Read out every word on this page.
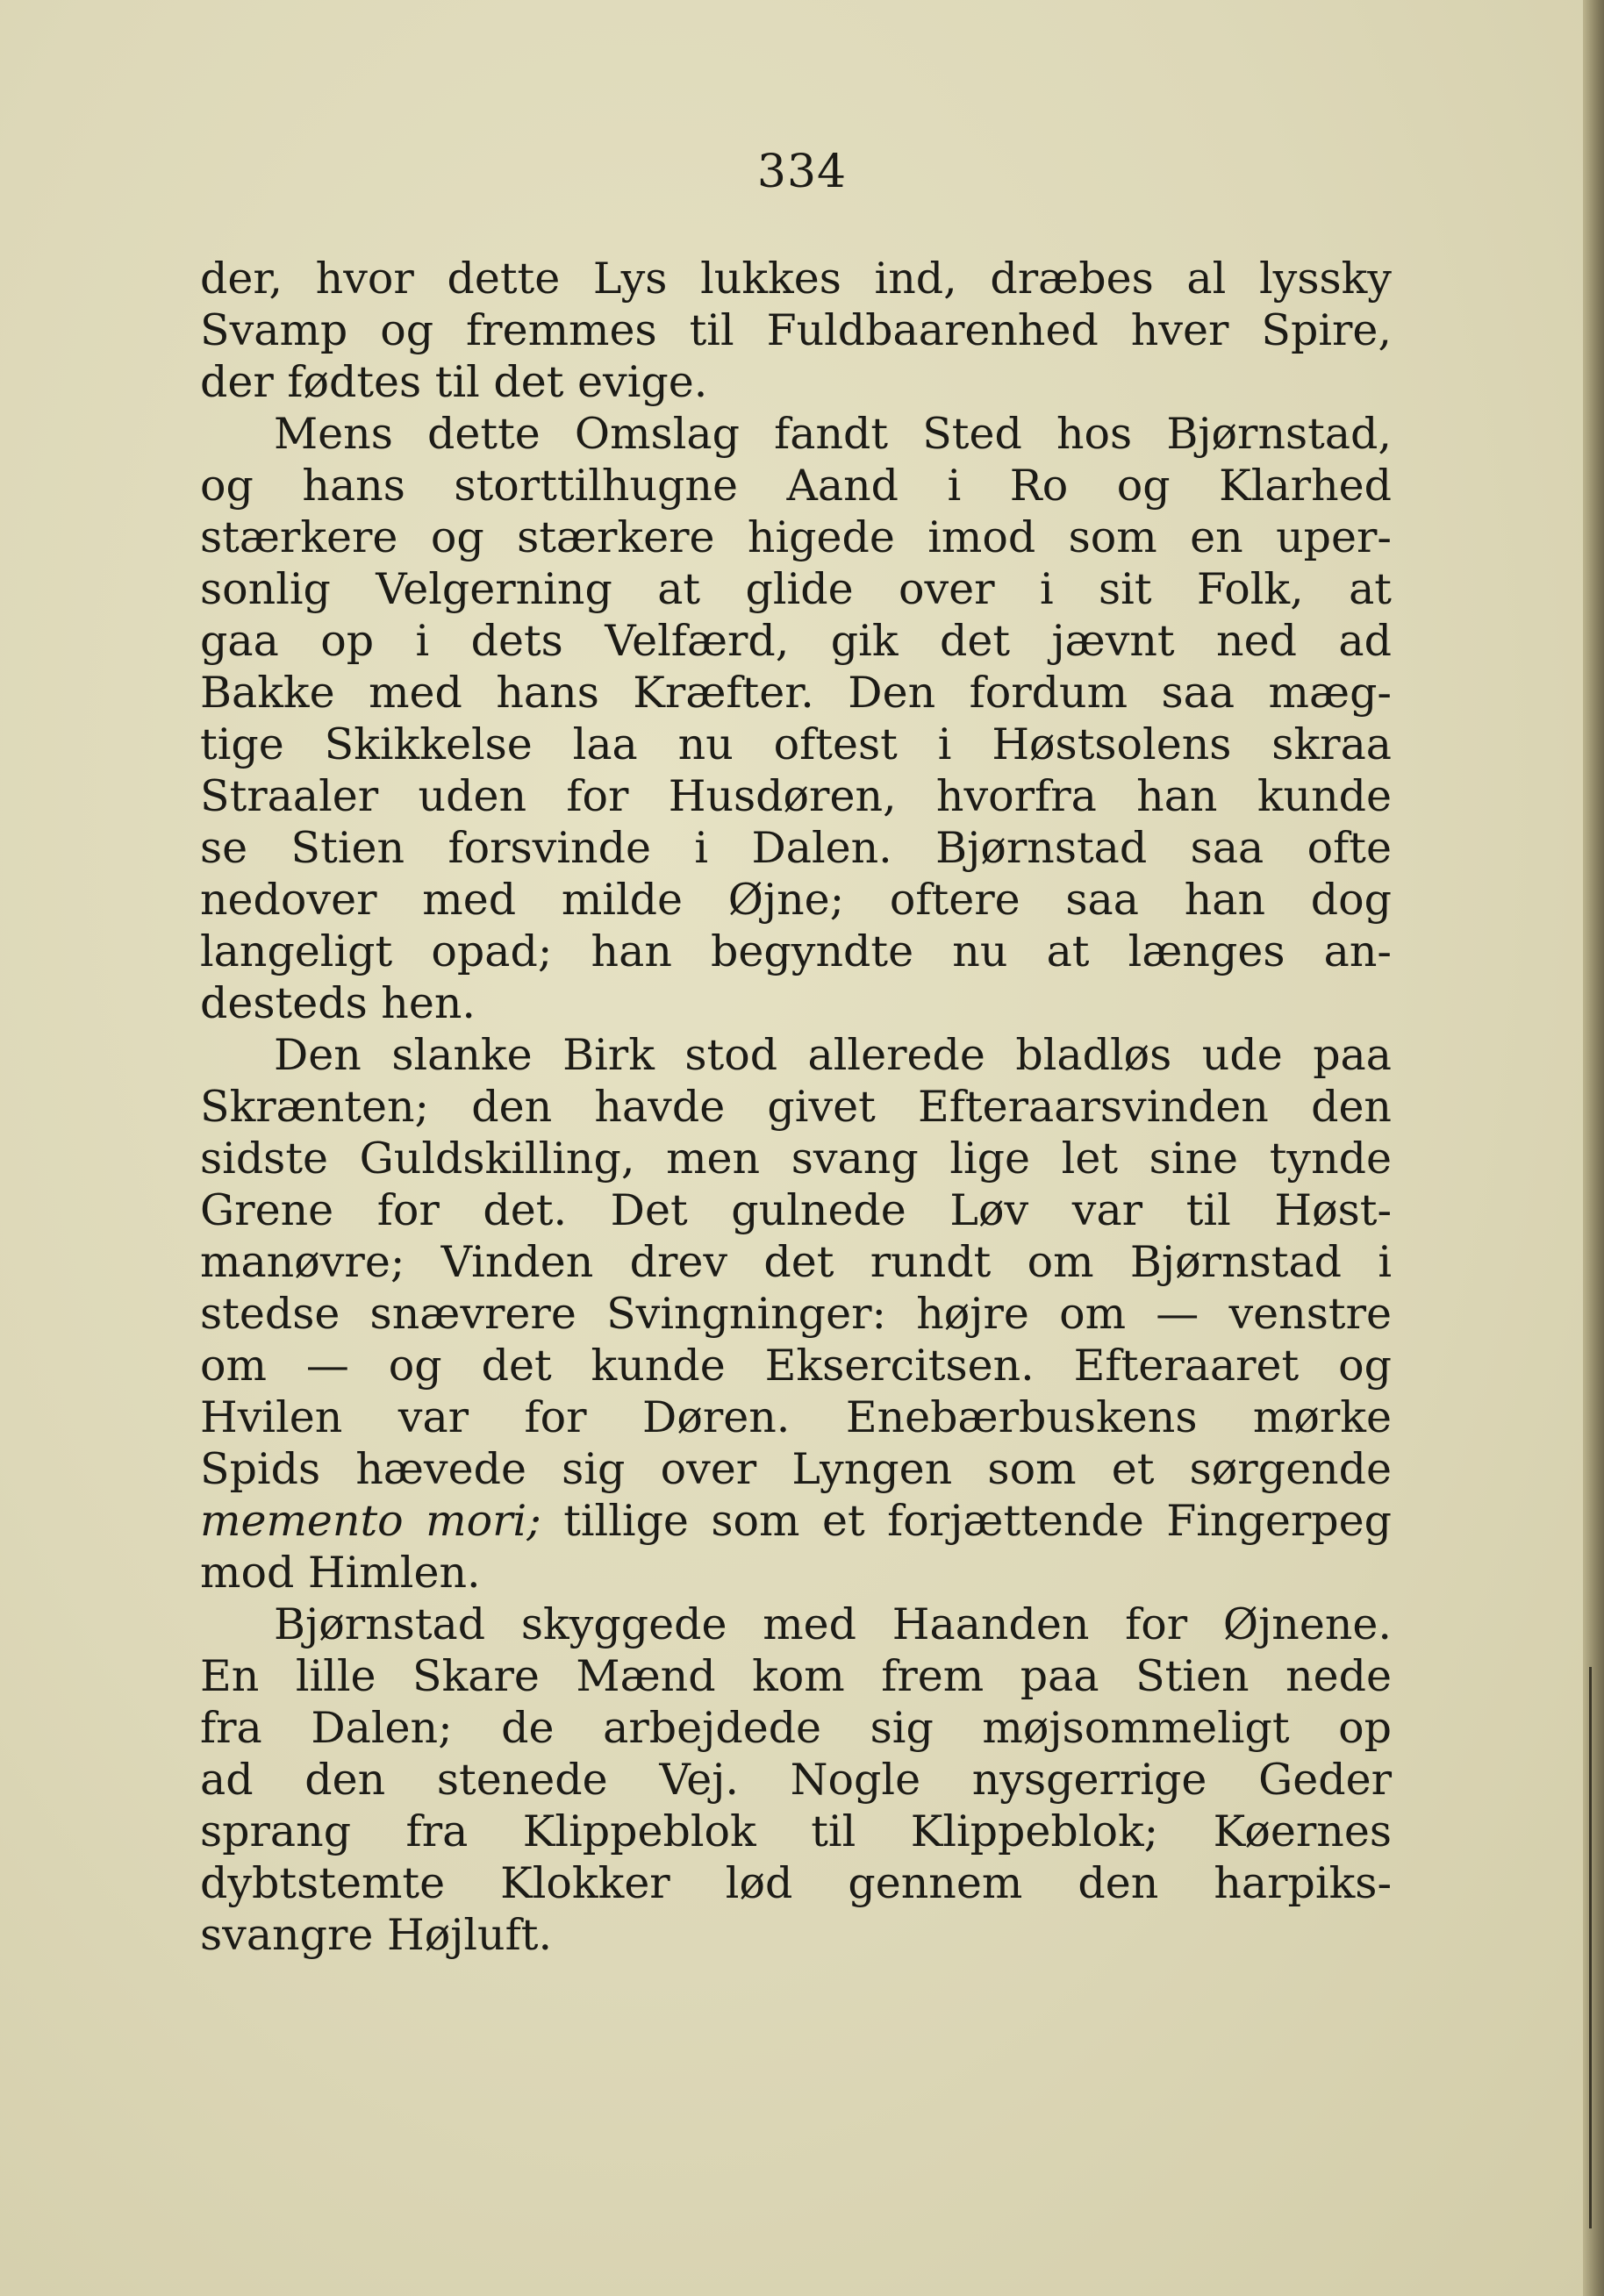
334
der, hvor dette Lys lukkes ind, dræbes al lyssky
Svamp og fremmes til Fuldbaarenhed hver Spire,
der fødtes til det evige.
Mens dette Omslag fandt Sted hos Bjørnstad,
og hans storttilhugne Aand i Ro og Klarhed
stærkere og stærkere higede imod som en uper-
sonlig Velgerning at glide over i sit Folk, at
gaa op i dets Velfærd, gik det jævnt ned ad
Bakke med hans Kræfter. Den fordum saa mæg-
tige Skikkelse laa nu oftest i Høstsolens skraa
Straaler uden for Husdøren, hvorfra han kunde
se Stien forsvinde i Dalen. Bjørnstad saa ofte
nedover med milde Øjne; oftere saa han dog
langeligt opad; han begyndte nu at længes an-
desteds hen.
Den slanke Birk stod allerede bladløs ude paa
Skrænten; den havde givet Efteraarsvinden den
sidste Guldskilling, men svang lige let sine tynde
Grene for det. Det gulnede Løv var til Høst-
manøvre; Vinden drev det rundt om Bjørnstad i
stedse snævrere Svingninger: højre om — venstre
om — og det kunde Eksercitsen. Efteraaret og
Hvilen var for Døren. Enebærbuskens mørke
Spids hævede sig over Lyngen som et sørgende
memento mori; tillige som et forjættende Fingerpeg
mod Himlen.
Bjørnstad skyggede med Haanden for Øjnene.
En lille Skare Mænd kom frem paa Stien nede
fra Dalen; de arbejdede sig møjsommeligt op
ad den stenede Vej. Nogle nysgerrige Geder
sprang fra Klippeblok til Klippeblok; Køernes
dybtstemte Klokker lød gennem den harpiks-
svangre Højluft.
